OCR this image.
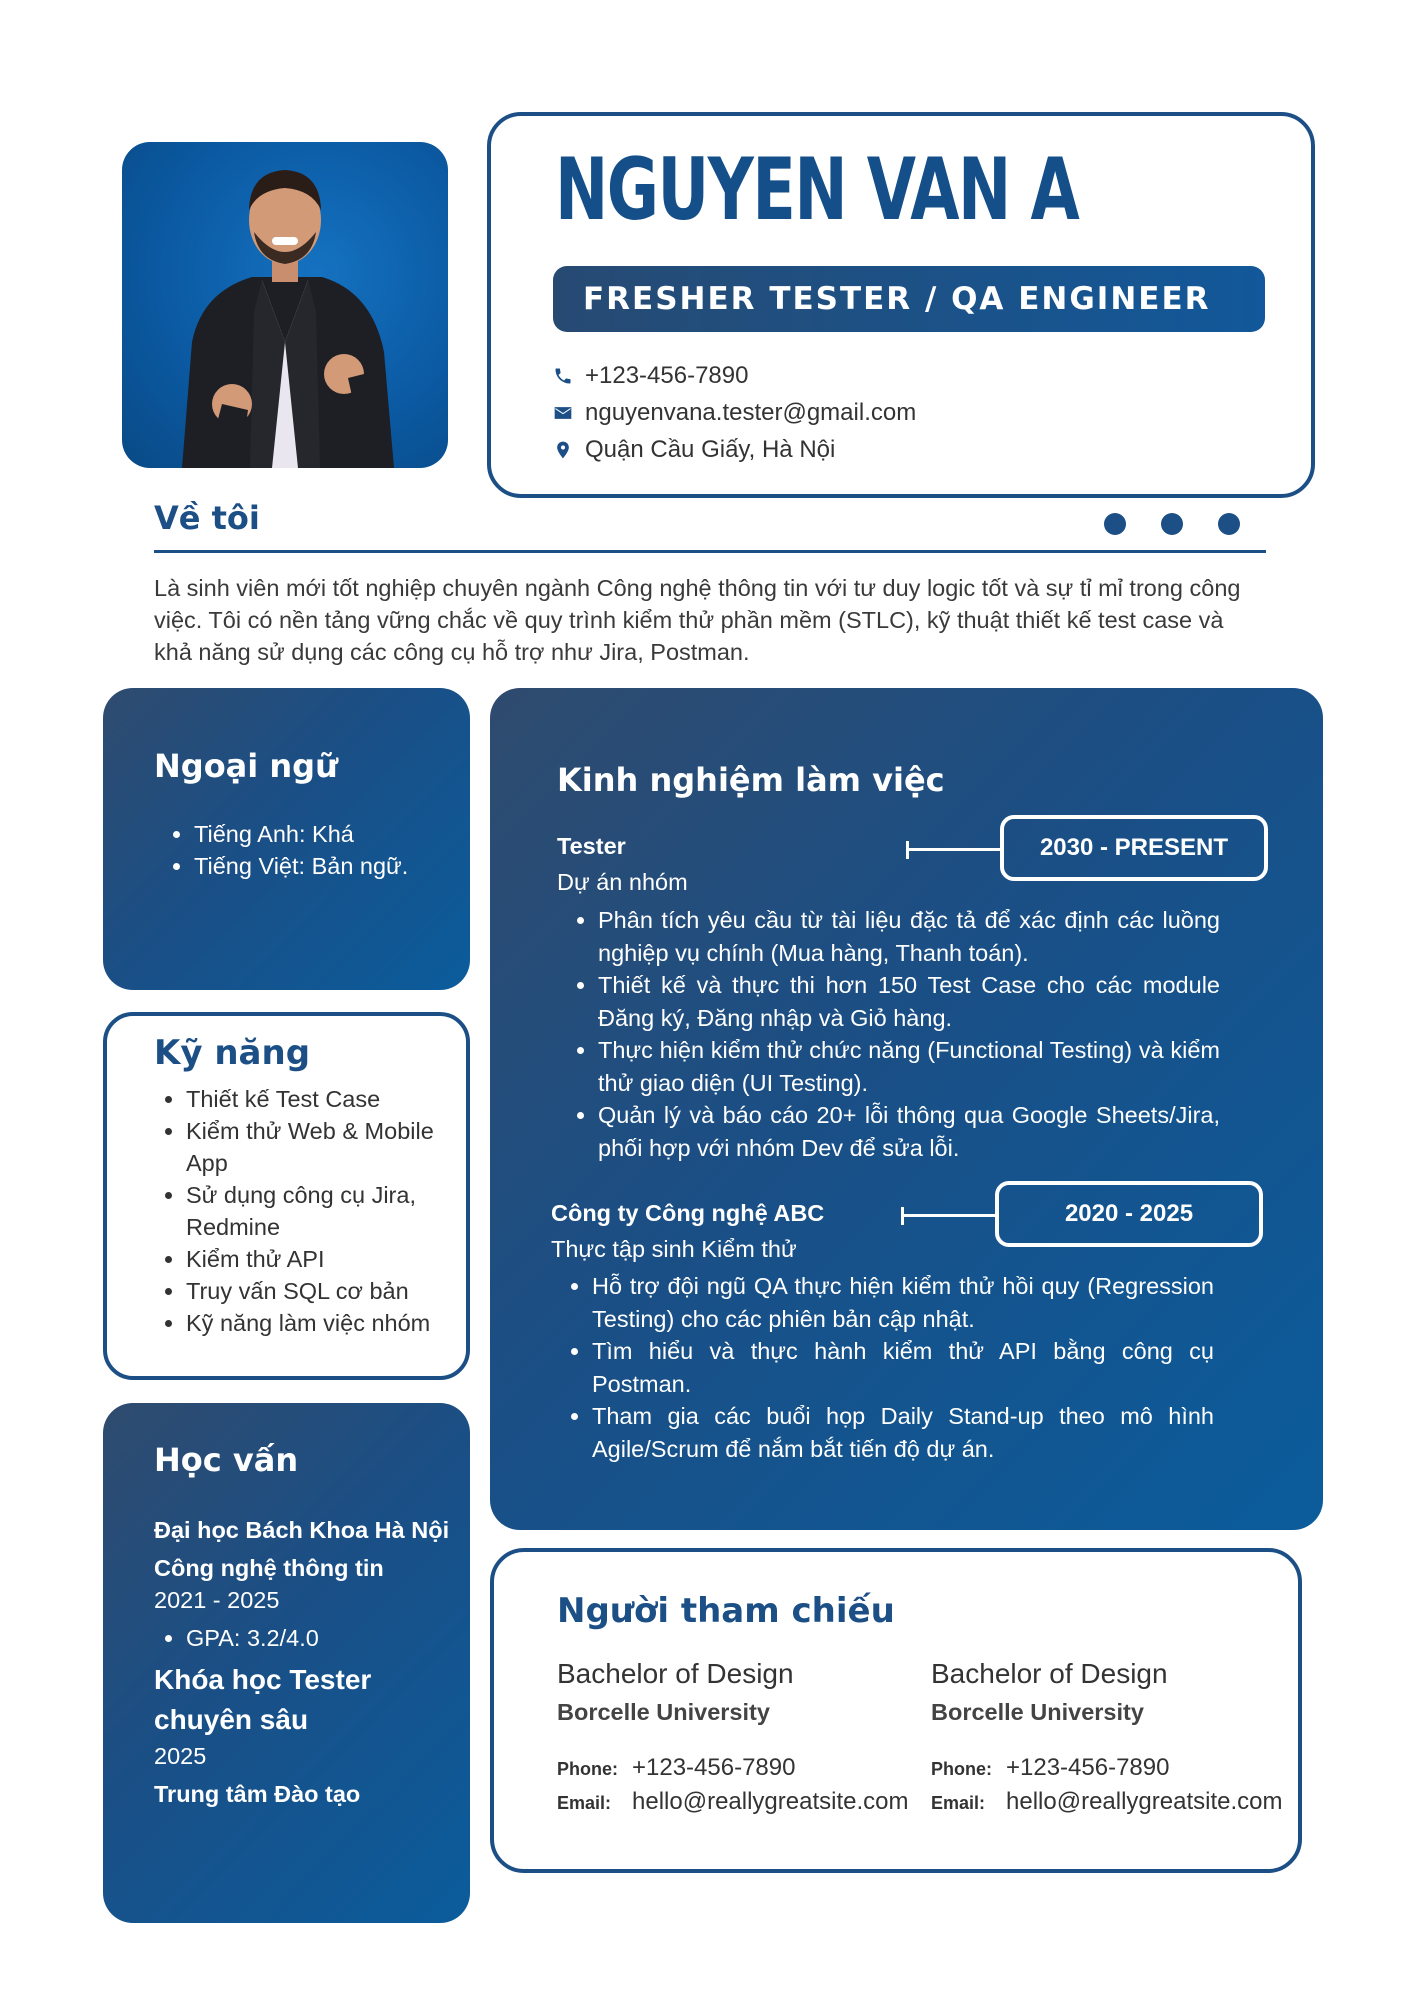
NGUYEN VAN A
FRESHER TESTER / QA ENGINEER
+123-456-7890
nguyenvana.tester@gmail.com
Quận Cầu Giấy, Hà Nội
Về tôi
Là sinh viên mới tốt nghiệp chuyên ngành Công nghệ thông tin với tư duy logic tốt và sự tỉ mỉ trong công việc. Tôi có nền tảng vững chắc về quy trình kiểm thử phần mềm (STLC), kỹ thuật thiết kế test case và khả năng sử dụng các công cụ hỗ trợ như Jira, Postman.
Ngoại ngữ
• Tiếng Anh: Khá
• Tiếng Việt: Bản ngữ.
Kỹ năng
• Thiết kế Test Case
• Kiểm thử Web & Mobile App
• Sử dụng công cụ Jira, Redmine
• Kiểm thử API
• Truy vấn SQL cơ bản
• Kỹ năng làm việc nhóm
Học vấn
Đại học Bách Khoa Hà Nội
Công nghệ thông tin
2021 - 2025
• GPA: 3.2/4.0
Khóa học Tester
chuyên sâu
2025
Trung tâm Đào tạo
Kinh nghiệm làm việc
Tester
Dự án nhóm
2030 - PRESENT
• Phân tích yêu cầu từ tài liệu đặc tả để xác định các luồng nghiệp vụ chính (Mua hàng, Thanh toán).
• Thiết kế và thực thi hơn 150 Test Case cho các module Đăng ký, Đăng nhập và Giỏ hàng.
• Thực hiện kiểm thử chức năng (Functional Testing) và kiểm thử giao diện (UI Testing).
• Quản lý và báo cáo 20+ lỗi thông qua Google Sheets/Jira, phối hợp với nhóm Dev để sửa lỗi.
Công ty Công nghệ ABC
Thực tập sinh Kiểm thử
2020 - 2025
• Hỗ trợ đội ngũ QA thực hiện kiểm thử hồi quy (Regression Testing) cho các phiên bản cập nhật.
• Tìm hiểu và thực hành kiểm thử API bằng công cụ Postman.
• Tham gia các buổi họp Daily Stand-up theo mô hình Agile/Scrum để nắm bắt tiến độ dự án.
Người tham chiếu
Bachelor of Design
Borcelle University
Phone: +123-456-7890
Email: hello@reallygreatsite.com
Bachelor of Design
Borcelle University
Phone: +123-456-7890
Email: hello@reallygreatsite.com
